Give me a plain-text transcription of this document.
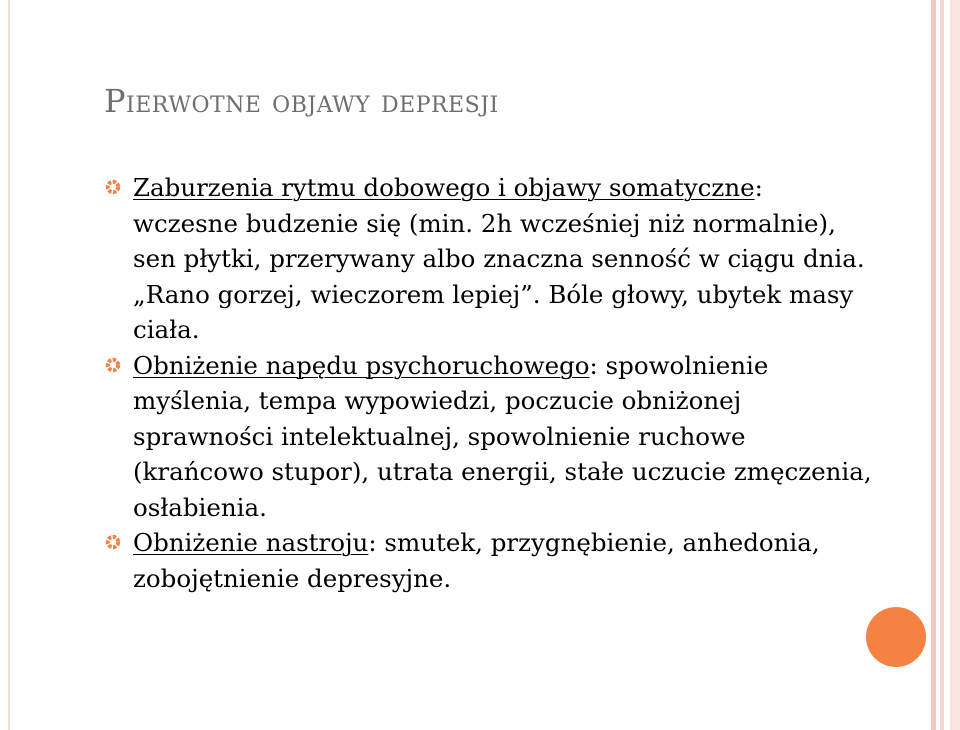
Pierwotne objawy depresji

Zaburzenia rytmu dobowego i objawy somatyczne: wczesne budzenie się (min. 2h wcześniej niż normalnie), sen płytki, przerywany albo znaczna senność w ciągu dnia. „Rano gorzej, wieczorem lepiej”. Bóle głowy, ubytek masy ciała.

Obniżenie napędu psychoruchowego: spowolnienie myślenia, tempa wypowiedzi, poczucie obniżonej sprawności intelektualnej, spowolnienie ruchowe (krańcowo stupor), utrata energii, stałe uczucie zmęczenia, osłabienia.

Obniżenie nastroju: smutek, przygnębienie, anhedonia, zobojętnienie depresyjne.
